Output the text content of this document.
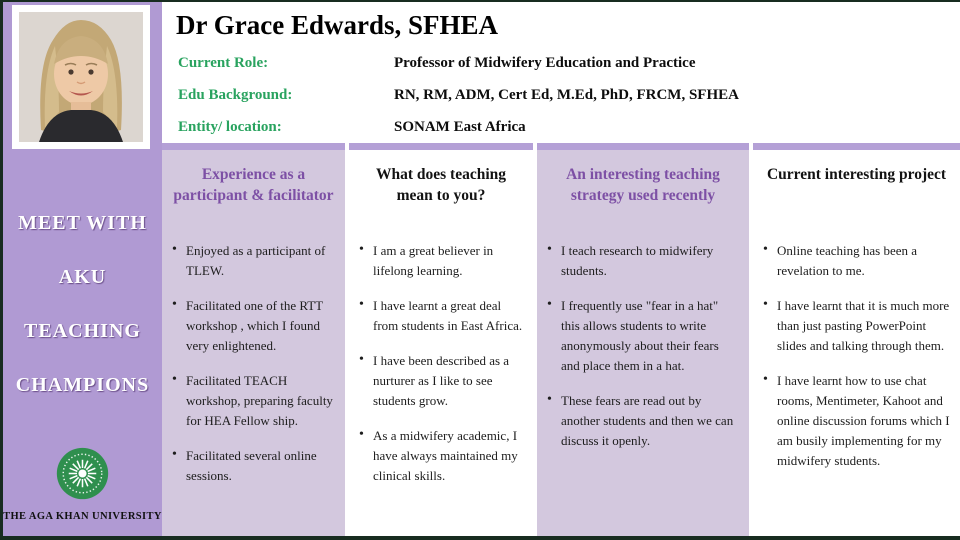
MEET WITH
AKU
TEACHING
CHAMPIONS
THE AGA KHAN UNIVERSITY
Dr Grace Edwards, SFHEA
Current Role:	Professor of Midwifery Education and Practice
Edu Background:	RN, RM, ADM, Cert Ed, M.Ed, PhD, FRCM, SFHEA
Entity/ location:	SONAM East Africa
Experience as a participant & facilitator
• Enjoyed as a participant of TLEW.
• Facilitated one of the RTT workshop , which I found very enlightened.
• Facilitated TEACH workshop, preparing faculty for HEA Fellow ship.
• Facilitated several online sessions.
What does teaching mean to you?
• I am a great believer in lifelong learning.
• I have learnt a great deal from students in East Africa.
• I have been described as a nurturer as I like to see students grow.
• As a midwifery academic, I have always maintained my clinical skills.
An interesting teaching strategy used recently
• I teach research to midwifery students.
• I frequently use "fear in a hat" this allows students to write anonymously about their fears and place them in a hat.
• These fears are read out by another students and then we can discuss it openly.
Current interesting project
• Online teaching has been a revelation to me.
• I have learnt that it is much more than just pasting PowerPoint slides and talking through them.
• I have learnt how to use chat rooms, Mentimeter, Kahoot and online discussion forums which I am busily implementing for my midwifery students.
